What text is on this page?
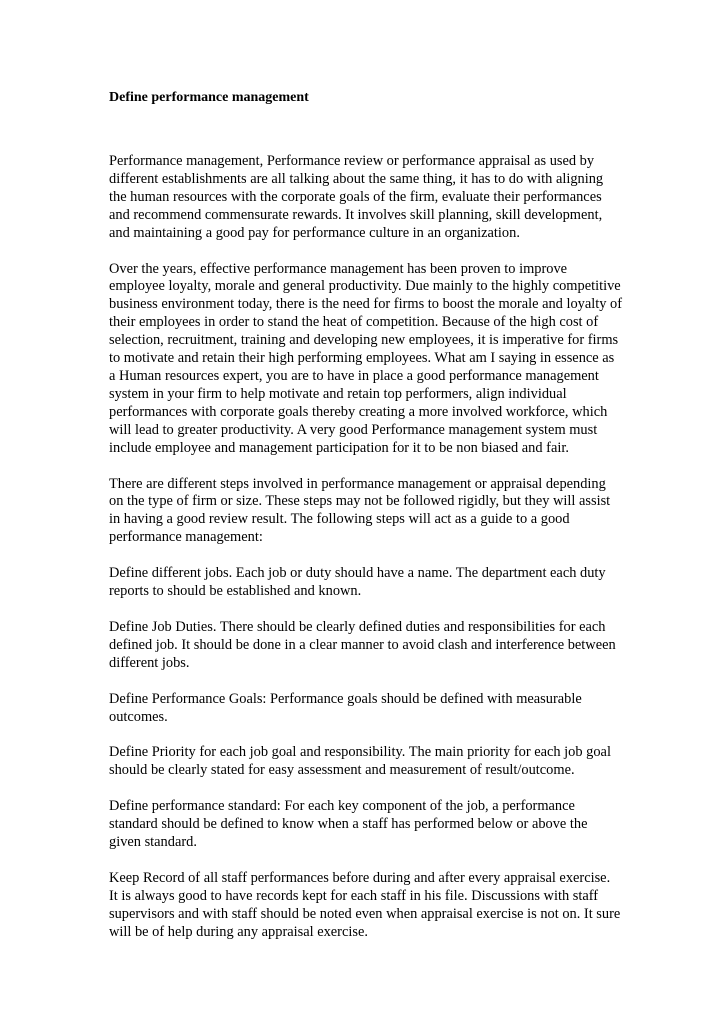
Define performance management

Performance management, Performance review or performance appraisal as used by different establishments are all talking about the same thing, it has to do with aligning the human resources with the corporate goals of the firm, evaluate their performances and recommend commensurate rewards. It involves skill planning, skill development, and maintaining a good pay for performance culture in an organization.

Over the years, effective performance management has been proven to improve employee loyalty, morale and general productivity. Due mainly to the highly competitive business environment today, there is the need for firms to boost the morale and loyalty of their employees in order to stand the heat of competition. Because of the high cost of selection, recruitment, training and developing new employees, it is imperative for firms to motivate and retain their high performing employees. What am I saying in essence as a Human resources expert, you are to have in place a good performance management system in your firm to help motivate and retain top performers, align individual performances with corporate goals thereby creating a more involved workforce, which will lead to greater productivity. A very good Performance management system must include employee and management participation for it to be non biased and fair.

There are different steps involved in performance management or appraisal depending on the type of firm or size. These steps may not be followed rigidly, but they will assist in having a good review result. The following steps will act as a guide to a good performance management:

Define different jobs. Each job or duty should have a name. The department each duty reports to should be established and known.

Define Job Duties. There should be clearly defined duties and responsibilities for each defined job. It should be done in a clear manner to avoid clash and interference between different jobs.

Define Performance Goals: Performance goals should be defined with measurable outcomes.

Define Priority for each job goal and responsibility. The main priority for each job goal should be clearly stated for easy assessment and measurement of result/outcome.

Define performance standard: For each key component of the job, a performance standard should be defined to know when a staff has performed below or above the given standard.

Keep Record of all staff performances before during and after every appraisal exercise. It is always good to have records kept for each staff in his file. Discussions with staff supervisors and with staff should be noted even when appraisal exercise is not on. It sure will be of help during any appraisal exercise.
